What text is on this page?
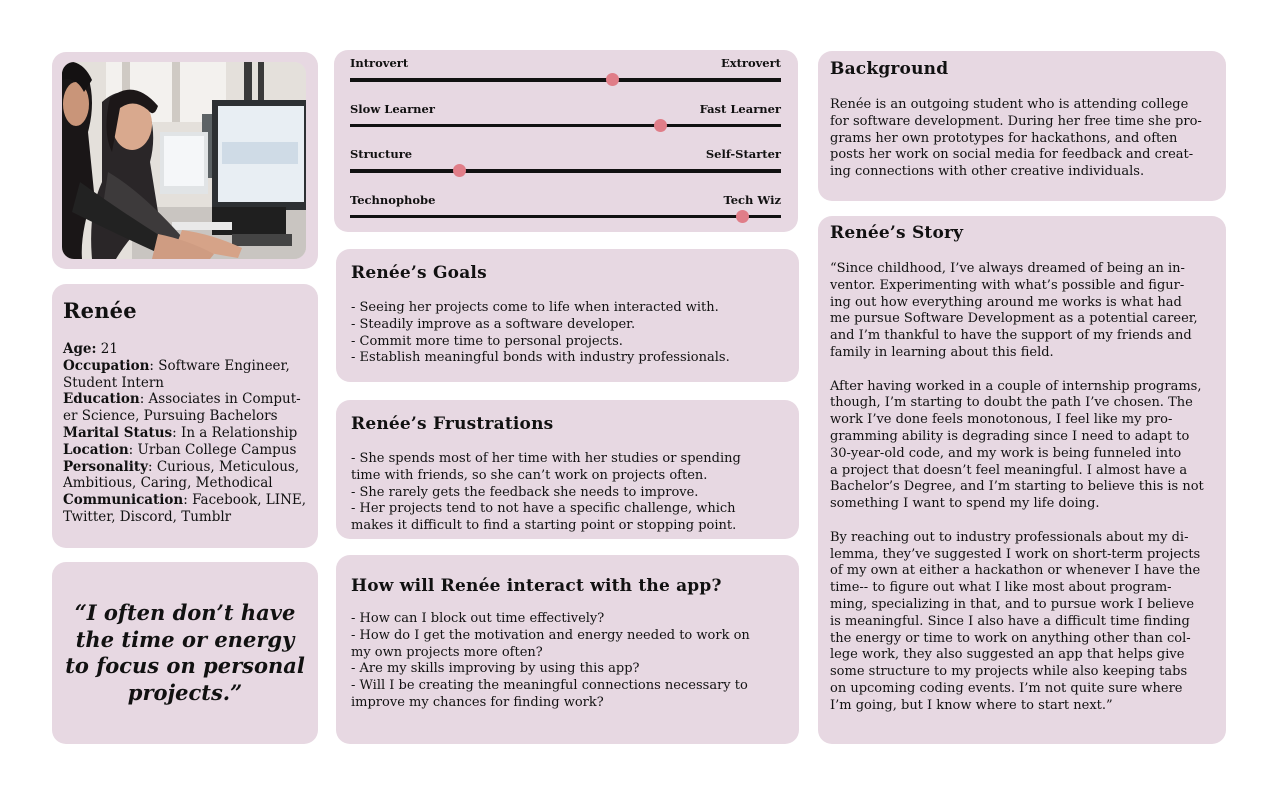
Renée
Age: 21
Occupation: Software Engineer,
Student Intern
Education: Associates in Comput-
er Science, Pursuing Bachelors
Marital Status: In a Relationship
Location: Urban College Campus
Personality: Curious, Meticulous,
Ambitious, Caring, Methodical
Communication: Facebook, LINE,
Twitter, Discord, Tumblr
“I often don’t have
the time or energy
to focus on personal
projects.”
Introvert	Extrovert
Slow Learner	Fast Learner
Structure	Self-Starter
Technophobe	Tech Wiz
Renée’s Goals
- Seeing her projects come to life when interacted with.
- Steadily improve as a software developer.
- Commit more time to personal projects.
- Establish meaningful bonds with industry professionals.
Renée’s Frustrations
- She spends most of her time with her studies or spending
time with friends, so she can’t work on projects often.
- She rarely gets the feedback she needs to improve.
- Her projects tend to not have a specific challenge, which
makes it difficult to find a starting point or stopping point.
How will Renée interact with the app?
- How can I block out time effectively?
- How do I get the motivation and energy needed to work on
my own projects more often?
- Are my skills improving by using this app?
- Will I be creating the meaningful connections necessary to
improve my chances for finding work?
Background
Renée is an outgoing student who is attending college
for software development. During her free time she pro-
grams her own prototypes for hackathons, and often
posts her work on social media for feedback and creat-
ing connections with other creative individuals.
Renée’s Story
“Since childhood, I’ve always dreamed of being an in-
ventor. Experimenting with what’s possible and figur-
ing out how everything around me works is what had
me pursue Software Development as a potential career,
and I’m thankful to have the support of my friends and
family in learning about this field.
After having worked in a couple of internship programs,
though, I’m starting to doubt the path I’ve chosen. The
work I’ve done feels monotonous, I feel like my pro-
gramming ability is degrading since I need to adapt to
30-year-old code, and my work is being funneled into
a project that doesn’t feel meaningful. I almost have a
Bachelor’s Degree, and I’m starting to believe this is not
something I want to spend my life doing.
By reaching out to industry professionals about my di-
lemma, they’ve suggested I work on short-term projects
of my own at either a hackathon or whenever I have the
time-- to figure out what I like most about program-
ming, specializing in that, and to pursue work I believe
is meaningful. Since I also have a difficult time finding
the energy or time to work on anything other than col-
lege work, they also suggested an app that helps give
some structure to my projects while also keeping tabs
on upcoming coding events. I’m not quite sure where
I’m going, but I know where to start next.”
